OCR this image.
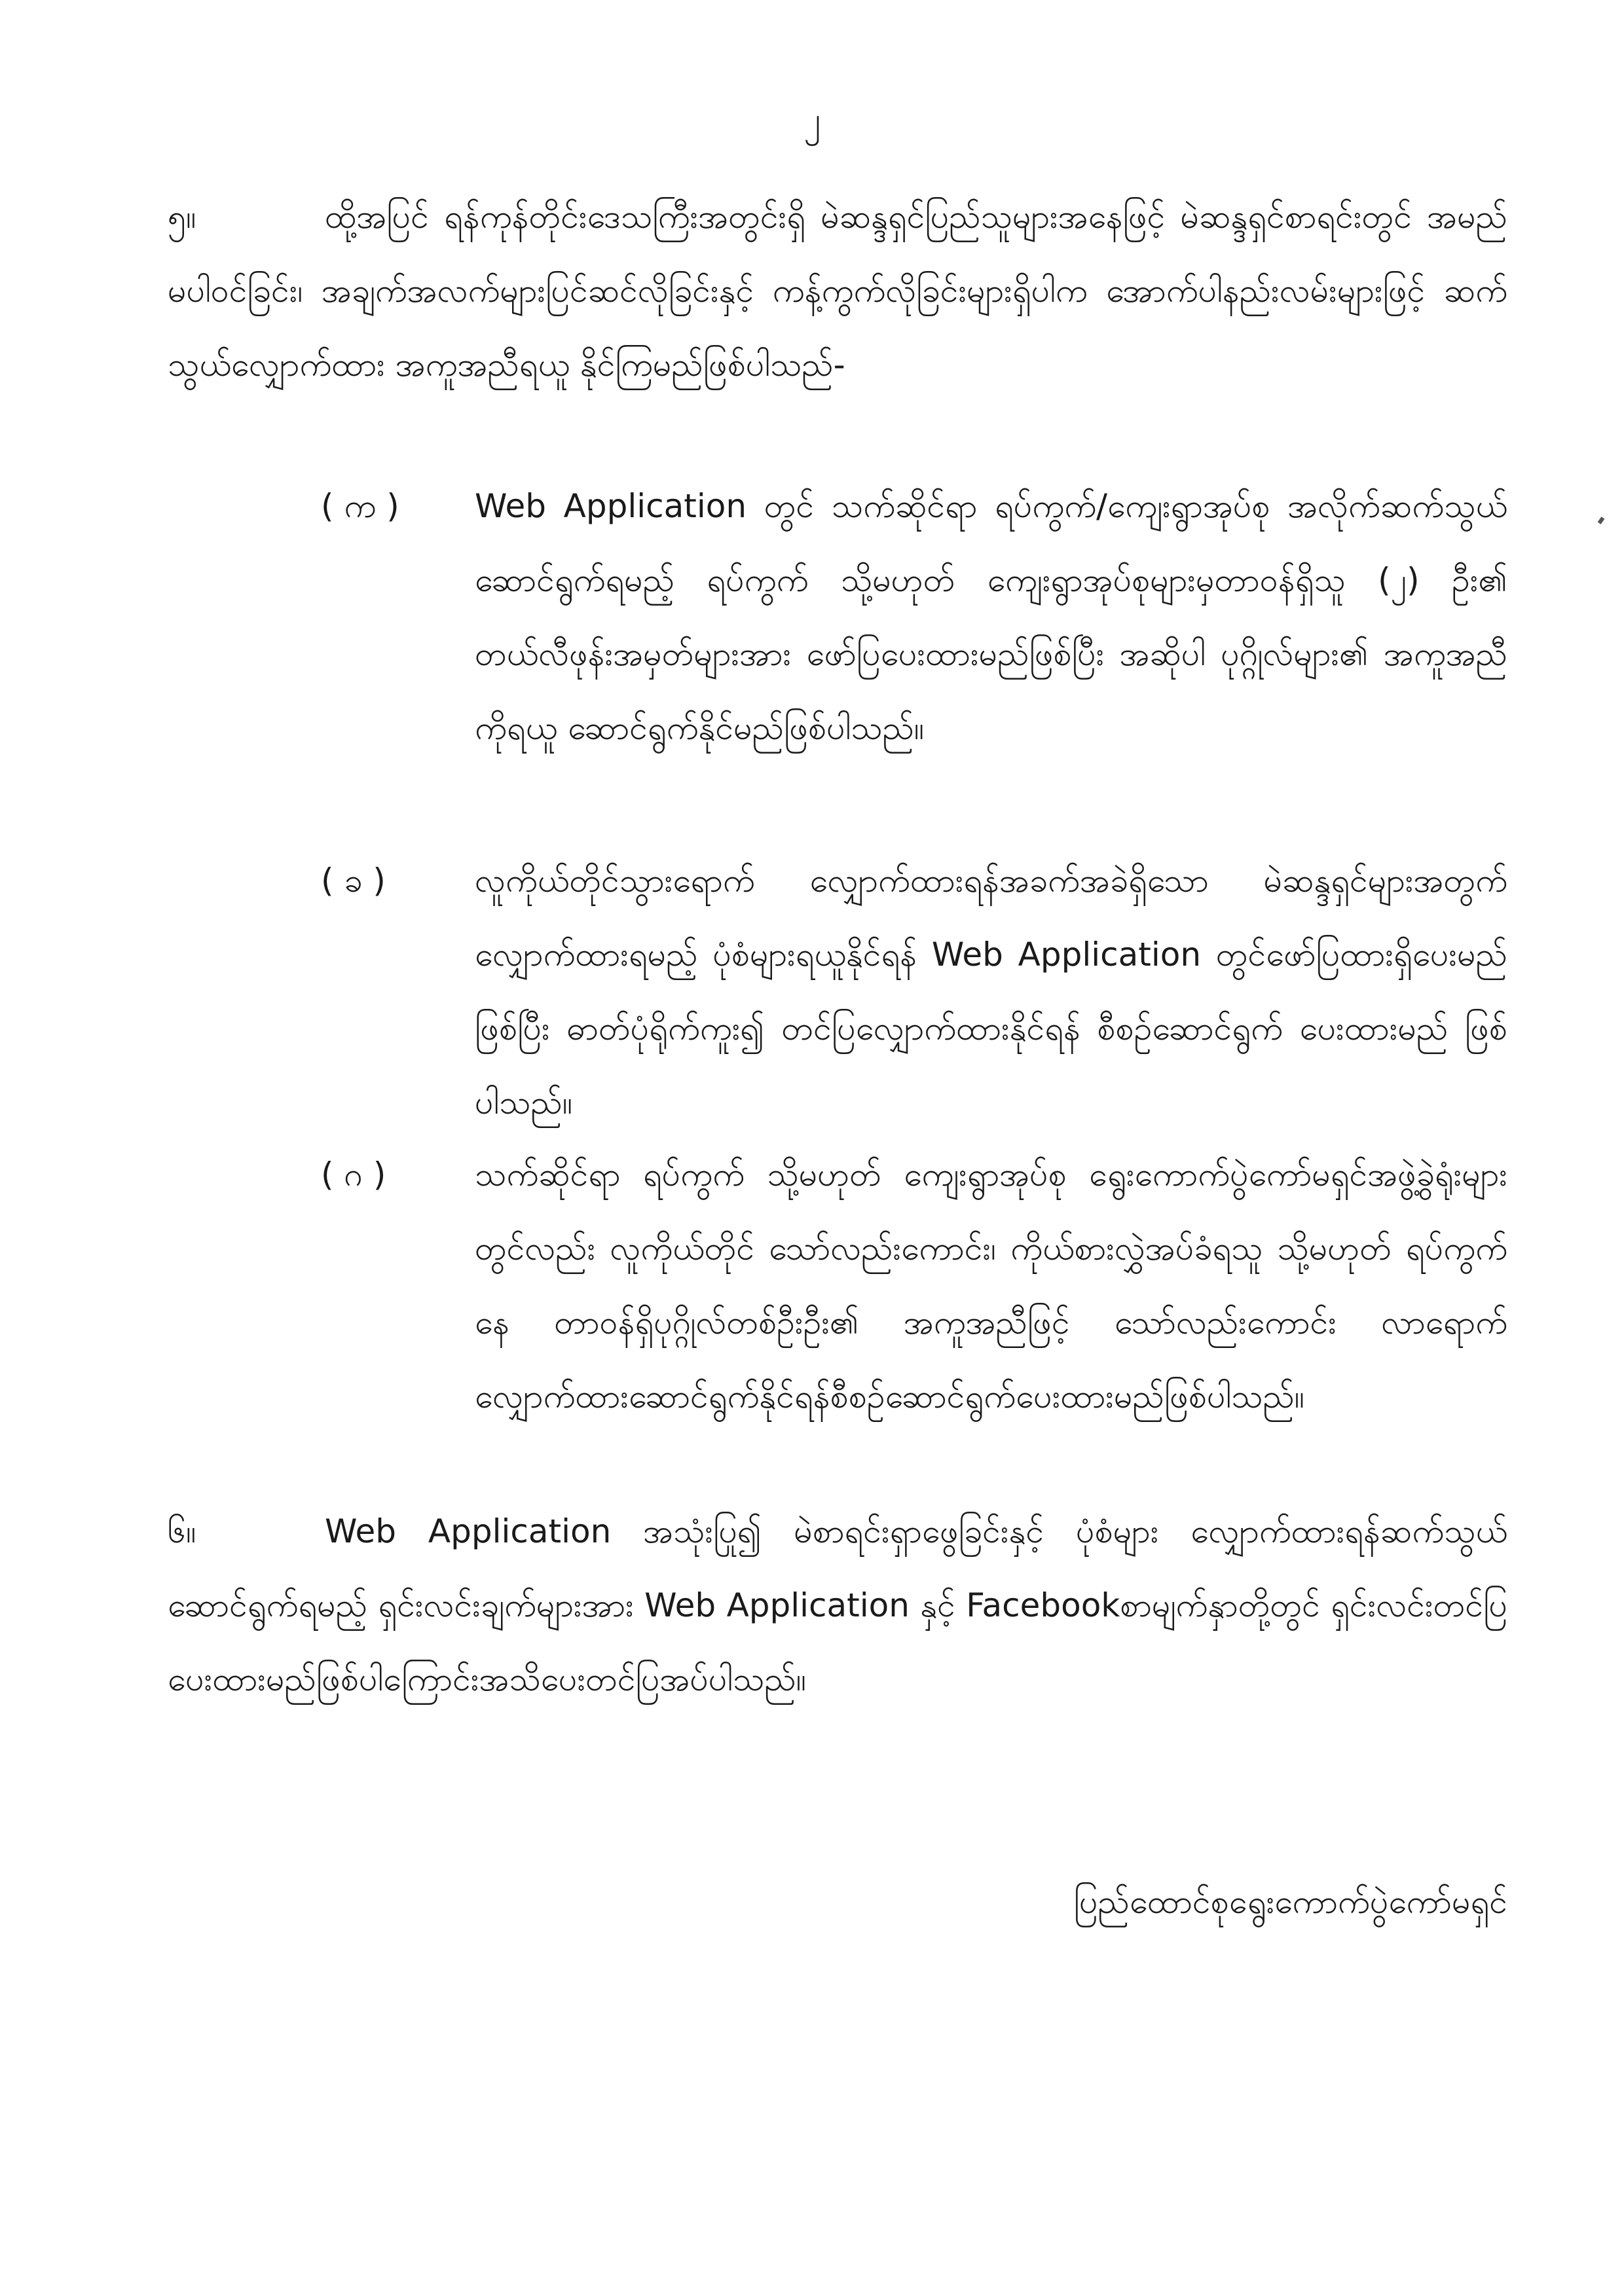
၂
၅။	ထို့အပြင် ရန်ကုန်တိုင်းဒေသကြီးအတွင်းရှိ မဲဆန္ဒရှင်ပြည်သူများအနေဖြင့် မဲဆန္ဒရှင်စာရင်းတွင် အမည် မပါဝင်ခြင်း၊ အချက်အလက်များပြင်ဆင်လိုခြင်းနှင့် ကန့်ကွက်လိုခြင်းများရှိပါက အောက်ပါနည်းလမ်းများဖြင့် ဆက်သွယ်လျှောက်ထား အကူအညီရယူ နိုင်ကြမည်ဖြစ်ပါသည်-
( က )	Web Application တွင် သက်ဆိုင်ရာ ရပ်ကွက်/ကျေးရွာအုပ်စု အလိုက်ဆက်သွယ်ဆောင်ရွက်ရမည့် ရပ်ကွက် သို့မဟုတ် ကျေးရွာအုပ်စုများမှတာဝန်ရှိသူ (၂) ဦး၏ တယ်လီဖုန်းအမှတ်များအား ဖော်ပြပေးထားမည်ဖြစ်ပြီး အဆိုပါ ပုဂ္ဂိုလ်များ၏ အကူအညီကိုရယူ ဆောင်ရွက်နိုင်မည်ဖြစ်ပါသည်။
( ခ )	လူကိုယ်တိုင်သွားရောက် လျှောက်ထားရန်အခက်အခဲရှိသော မဲဆန္ဒရှင်များအတွက် လျှောက်ထားရမည့် ပုံစံများရယူနိုင်ရန် Web Application တွင်ဖော်ပြထားရှိပေးမည်ဖြစ်ပြီး ဓာတ်ပုံရိုက်ကူး၍ တင်ပြလျှောက်ထားနိုင်ရန် စီစဉ်ဆောင်ရွက် ပေးထားမည် ဖြစ်ပါသည်။
( ဂ )	သက်ဆိုင်ရာ ရပ်ကွက် သို့မဟုတ် ကျေးရွာအုပ်စု ရွေးကောက်ပွဲကော်မရှင်အဖွဲ့ခွဲရုံးများတွင်လည်း လူကိုယ်တိုင် သော်လည်းကောင်း၊ ကိုယ်စားလွှဲအပ်ခံရသူ သို့မဟုတ် ရပ်ကွက်နေ တာဝန်ရှိပုဂ္ဂိုလ်တစ်ဦးဦး၏ အကူအညီဖြင့် သော်လည်းကောင်း လာရောက်လျှောက်ထားဆောင်ရွက်နိုင်ရန်စီစဉ်ဆောင်ရွက်ပေးထားမည်ဖြစ်ပါသည်။
၆။	Web Application အသုံးပြု၍ မဲစာရင်းရှာဖွေခြင်းနှင့် ပုံစံများ လျှောက်ထားရန်ဆက်သွယ်ဆောင်ရွက်ရမည့် ရှင်းလင်းချက်များအား Web Application နှင့် Facebookစာမျက်နှာတို့တွင် ရှင်းလင်းတင်ပြပေးထားမည်ဖြစ်ပါကြောင်းအသိပေးတင်ပြအပ်ပါသည်။
ပြည်ထောင်စုရွေးကောက်ပွဲကော်မရှင်
